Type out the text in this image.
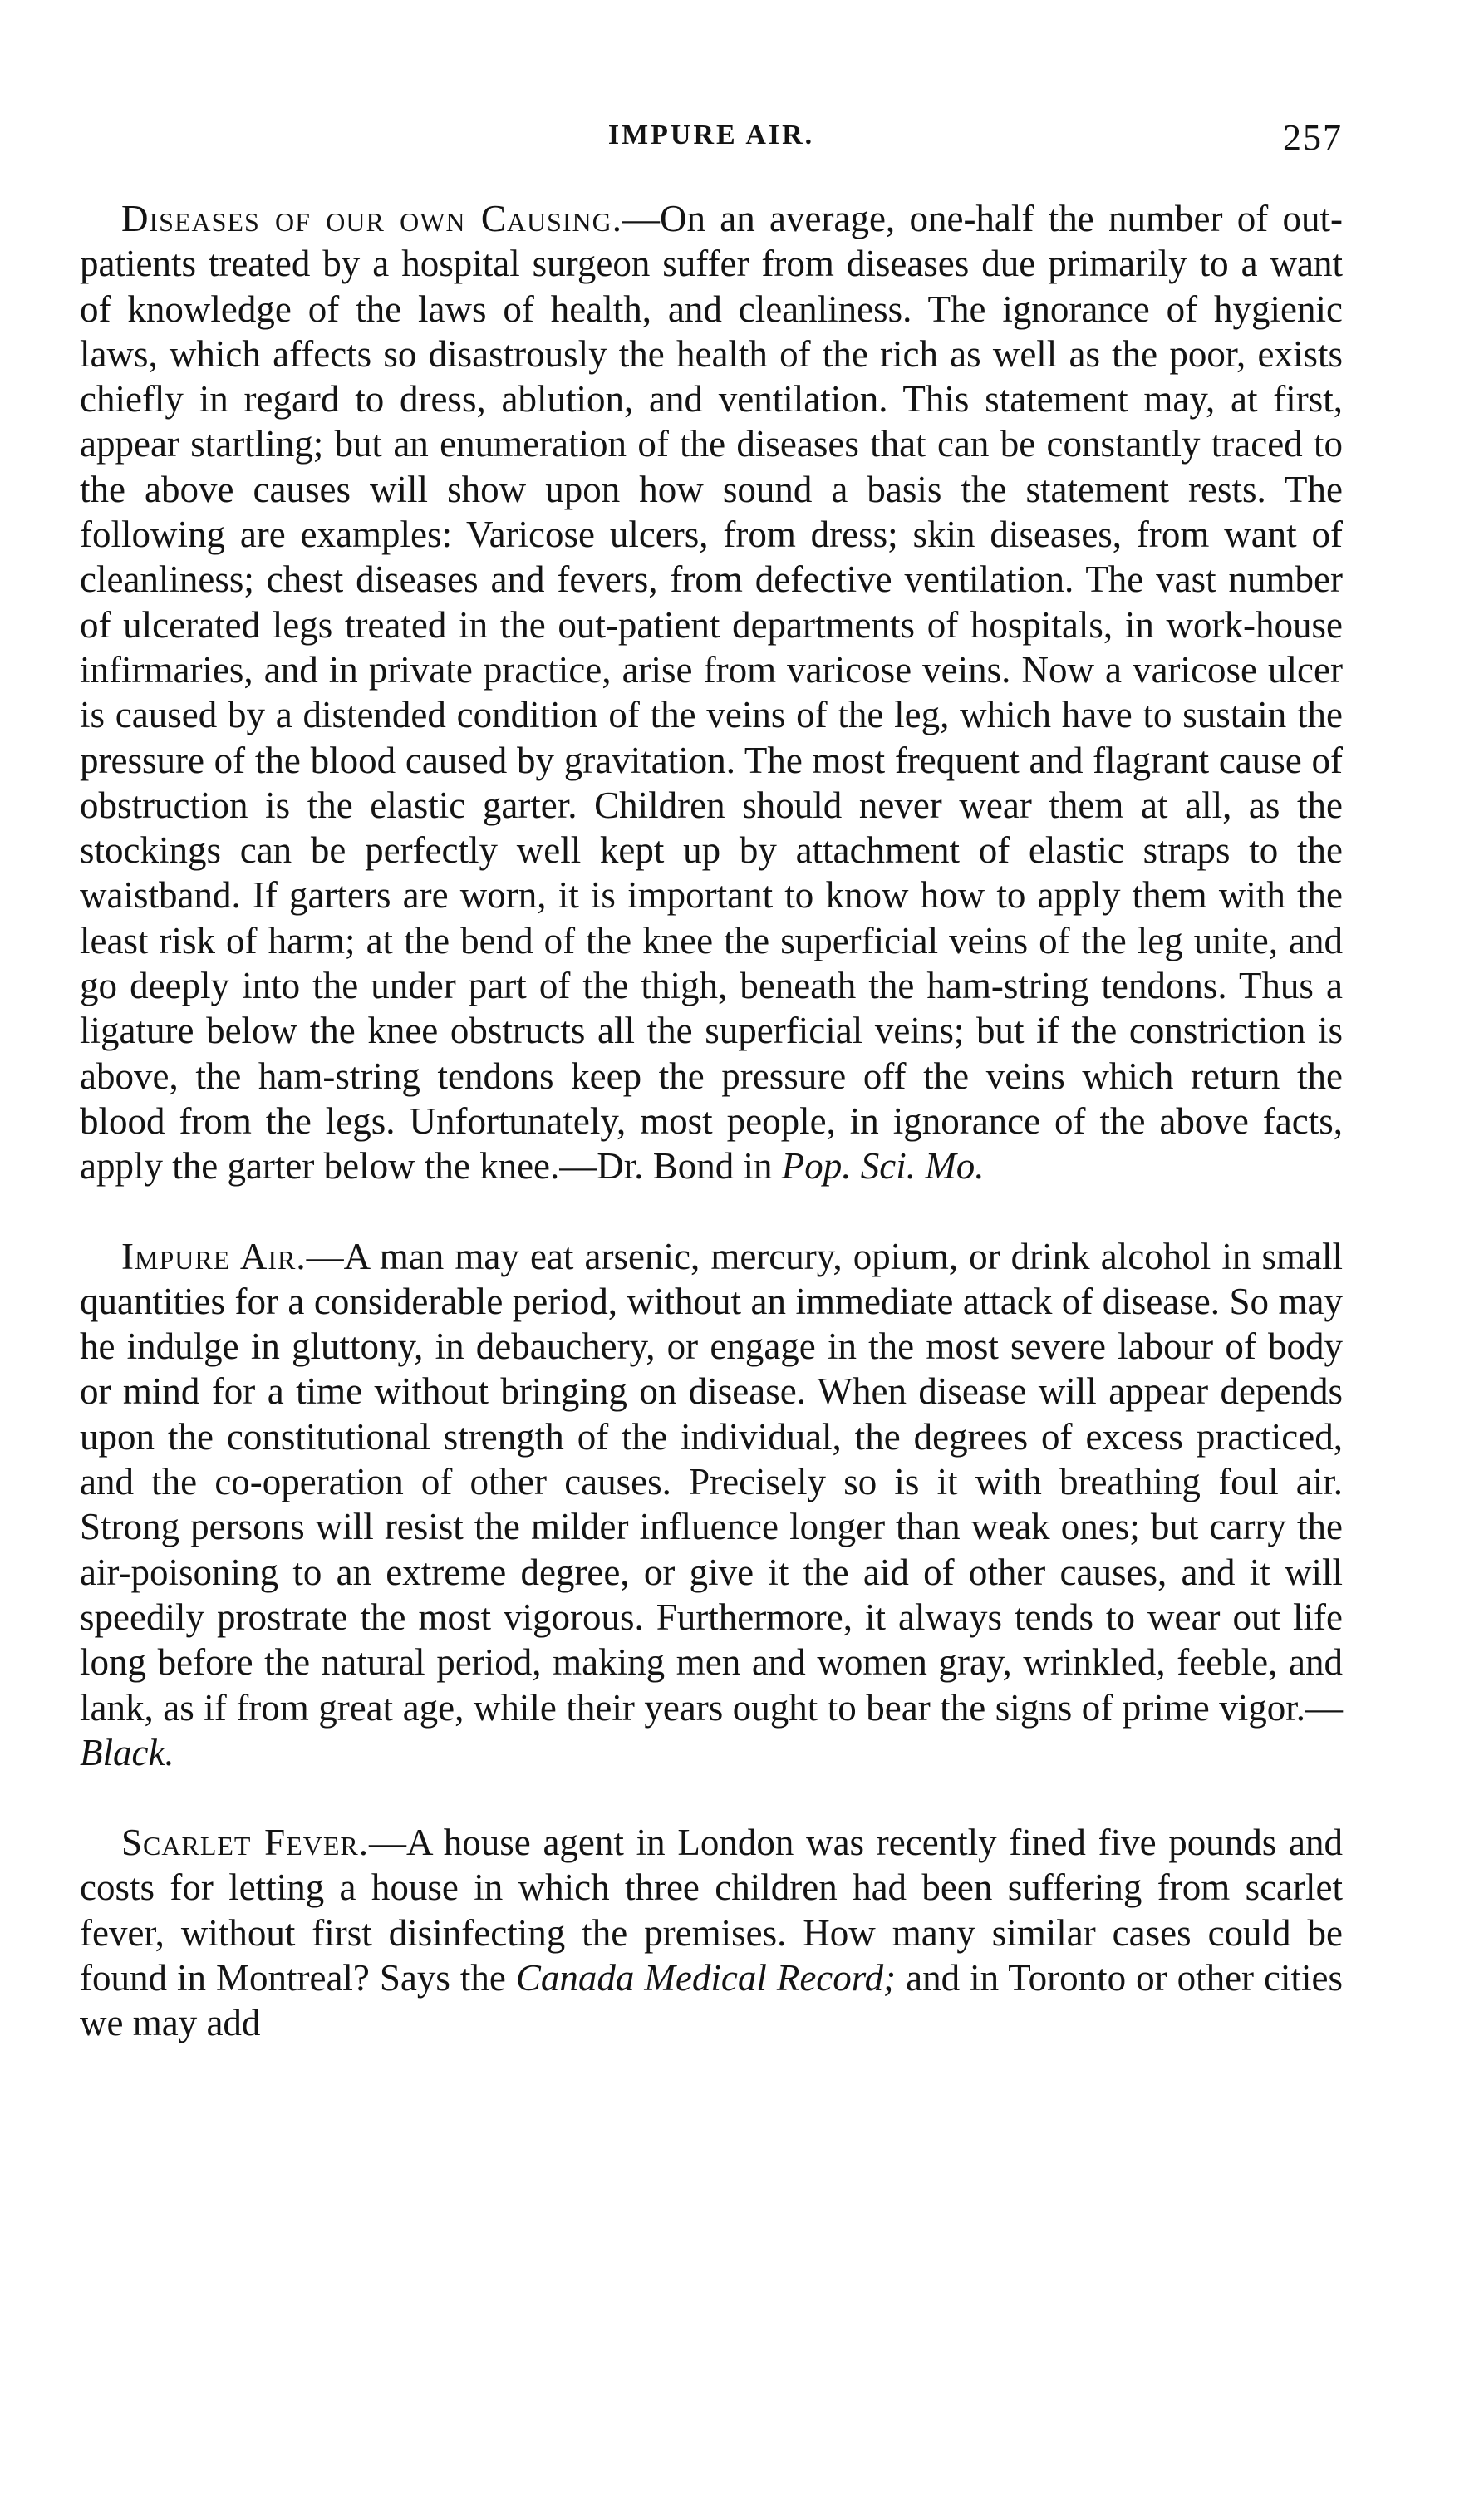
IMPURE AIR.	257

Diseases of our own Causing.—On an average, one-half the number of out-patients treated by a hospital surgeon suffer from diseases due primarily to a want of knowledge of the laws of health, and cleanliness. The ignorance of hygienic laws, which affects so disastrously the health of the rich as well as the poor, exists chiefly in regard to dress, ablution, and ventilation. This statement may, at first, appear startling; but an enumeration of the diseases that can be constantly traced to the above causes will show upon how sound a basis the statement rests. The following are examples: Varicose ulcers, from dress; skin diseases, from want of cleanliness; chest diseases and fevers, from defective ventilation. The vast number of ulcerated legs treated in the out-patient departments of hospitals, in work-house infirmaries, and in private practice, arise from varicose veins. Now a varicose ulcer is caused by a distended condition of the veins of the leg, which have to sustain the pressure of the blood caused by gravitation. The most frequent and flagrant cause of obstruction is the elastic garter. Children should never wear them at all, as the stockings can be perfectly well kept up by attachment of elastic straps to the waistband. If garters are worn, it is important to know how to apply them with the least risk of harm; at the bend of the knee the superficial veins of the leg unite, and go deeply into the under part of the thigh, beneath the ham-string tendons. Thus a ligature below the knee obstructs all the superficial veins; but if the constriction is above, the ham-string tendons keep the pressure off the veins which return the blood from the legs. Unfortunately, most people, in ignorance of the above facts, apply the garter below the knee.—Dr. Bond in Pop. Sci. Mo.

Impure Air.—A man may eat arsenic, mercury, opium, or drink alcohol in small quantities for a considerable period, without an immediate attack of disease. So may he indulge in gluttony, in debauchery, or engage in the most severe labour of body or mind for a time without bringing on disease. When disease will appear depends upon the constitutional strength of the individual, the degrees of excess practiced, and the co-operation of other causes. Precisely so is it with breathing foul air. Strong persons will resist the milder influence longer than weak ones; but carry the air-poisoning to an extreme degree, or give it the aid of other causes, and it will speedily prostrate the most vigorous. Furthermore, it always tends to wear out life long before the natural period, making men and women gray, wrinkled, feeble, and lank, as if from great age, while their years ought to bear the signs of prime vigor.—Black.

Scarlet Fever.—A house agent in London was recently fined five pounds and costs for letting a house in which three children had been suffering from scarlet fever, without first disinfecting the premises. How many similar cases could be found in Montreal? Says the Canada Medical Record; and in Toronto or other cities we may add
